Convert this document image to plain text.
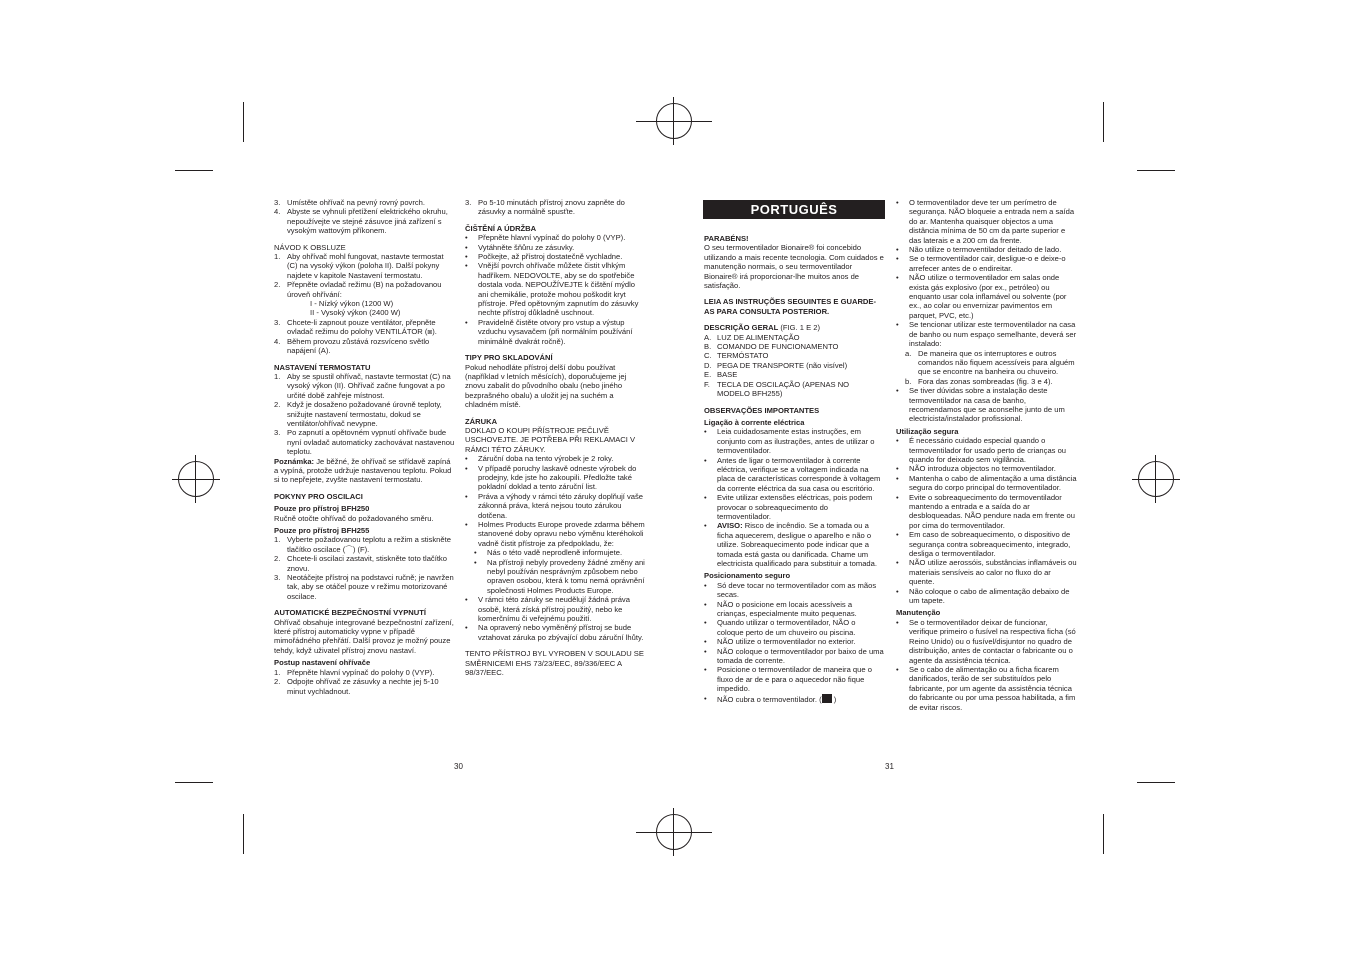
3. Umístěte ohřívač na pevný rovný povrch.
4. Abyste se vyhnuli přetížení elektrického okruhu, nepoužívejte ve stejné zásuvce jiná zařízení s vysokým wattovým příkonem.

NÁVOD K OBSLUZE

1. Aby ohřívač mohl fungovat, nastavte termostat (C) na vysoký výkon (poloha II). Další pokyny najdete v kapitole Nastavení termostatu.
2. Přepněte ovladač režimu (B) na požadovanou úroveň ohřívání:

I - Nízký výkon (1200 W)

II - Vysoký výkon (2400 W)

3. Chcete-li zapnout pouze ventilátor, přepněte ovladač režimu do polohy VENTILÁTOR (⧈).
4. Během provozu zůstává rozsvíceno světlo napájení (A).

NASTAVENÍ TERMOSTATU

1. Aby se spustil ohřívač, nastavte termostat (C) na vysoký výkon (II). Ohřívač začne fungovat a po určité době zahřeje místnost.
2. Když je dosaženo požadované úrovně teploty, snižujte nastavení termostatu, dokud se ventilátor/ohřívač nevypne.
3. Po zapnutí a opětovném vypnutí ohřívače bude nyní ovladač automaticky zachovávat nastavenou teplotu.

Poznámka: Je běžné, že ohřívač se střídavě zapíná a vypíná, protože udržuje nastavenou teplotu. Pokud si to nepřejete, zvyšte nastavení termostatu.

POKYNY PRO OSCILACI

Pouze pro přístroj BFH250

Ručně otočte ohřívač do požadovaného směru.

Pouze pro přístroj BFH255

1. Vyberte požadovanou teplotu a režim a stiskněte tlačítko oscilace (⌒) (F).
2. Chcete-li oscilaci zastavit, stiskněte toto tlačítko znovu.
3. Neotáčejte přístroj na podstavci ručně; je navržen tak, aby se otáčel pouze v režimu motorizované oscilace.

AUTOMATICKÉ BEZPEČNOSTNÍ VYPNUTÍ

Ohřívač obsahuje integrované bezpečnostní zařízení, které přístroj automaticky vypne v případě mimořádného přehřátí. Další provoz je možný pouze tehdy, když uživatel přístroj znovu nastaví.

Postup nastavení ohřívače

1. Přepněte hlavní vypínač do polohy 0 (VYP).
2. Odpojte ohřívač ze zásuvky a nechte jej 5-10 minut vychladnout.
3. Po 5-10 minutách přístroj znovu zapněte do zásuvky a normálně spusťte.

ČIŠTĚNÍ A ÚDRŽBA

•	Přepněte hlavní vypínač do polohy 0 (VYP).
•	Vytáhněte šňůru ze zásuvky.
•	Počkejte, až přístroj dostatečně vychladne.
•	Vnější povrch ohřívače můžete čistit vlhkým hadříkem. NEDOVOLTE, aby se do spotřebiče dostala voda. NEPOUŽÍVEJTE k čištění mýdlo ani chemikálie, protože mohou poškodit kryt přístroje. Před opětovným zapnutím do zásuvky nechte přístroj důkladně uschnout.
•	Pravidelně čistěte otvory pro vstup a výstup vzduchu vysavačem (při normálním používání minimálně dvakrát ročně).

TIPY PRO SKLADOVÁNÍ

Pokud nehodláte přístroj delší dobu používat (například v letních měsících), doporučujeme jej znovu zabalit do původního obalu (nebo jiného bezprašného obalu) a uložit jej na suchém a chladném místě.

ZÁRUKA

DOKLAD O KOUPI PŘÍSTROJE PEČLIVĚ USCHOVEJTE. JE POTŘEBA PŘI REKLAMACI V RÁMCI TÉTO ZÁRUKY.

•	Záruční doba na tento výrobek je 2 roky.
•	V případě poruchy laskavě odneste výrobek do prodejny, kde jste ho zakoupili. Předložte také pokladní doklad a tento záruční list.
•	Práva a výhody v rámci této záruky doplňují vaše zákonná práva, která nejsou touto zárukou dotčena.
•	Holmes Products Europe provede zdarma během stanovené doby opravu nebo výměnu kteréhokoli vadně čistit přístroje za předpokladu, že:
•	Nás o této vadě neprodleně informujete.
•	Na přístroji nebyly provedeny žádné změny ani nebyl používán nesprávným způsobem nebo opraven osobou, která k tomu nemá oprávnění společnosti Holmes Products Europe.
•	V rámci této záruky se neudělují žádná práva osobě, která získá přístroj použitý, nebo ke komerčnímu či veřejnému použití.
•	Na opravený nebo vyměněný přístroj se bude vztahovat záruka po zbývající dobu záruční lhůty.

TENTO PŘÍSTROJ BYL VYROBEN V SOULADU SE SMĚRNICEMI EHS 73/23/EEC, 89/336/EEC A 98/37/EEC.

30
PORTUGUÊS

PARABÉNS!

O seu termoventilador Bionaire® foi concebido utilizando a mais recente tecnologia. Com cuidados e manutenção normais, o seu termoventilador Bionaire® irá proporcionar-lhe muitos anos de satisfação.

LEIA AS INSTRUÇÕES SEGUINTES E GUARDE-AS PARA CONSULTA POSTERIOR.

DESCRIÇÃO GERAL (FIG. 1 E 2)

A. LUZ DE ALIMENTAÇÃO
B. COMANDO DE FUNCIONAMENTO
C. TERMÓSTATO
D. PEGA DE TRANSPORTE (não visível)
E. BASE
F. TECLA DE OSCILAÇÃO (APENAS NO MODELO BFH255)

OBSERVAÇÕES IMPORTANTES

Ligação à corrente eléctrica

•	Leia cuidadosamente estas instruções, em conjunto com as ilustrações, antes de utilizar o termoventilador.
•	Antes de ligar o termoventilador à corrente eléctrica, verifique se a voltagem indicada na placa de características corresponde à voltagem da corrente eléctrica da sua casa ou escritório.
•	Evite utilizar extensões eléctricas, pois podem provocar o sobreaquecimento do termoventilador.
•	AVISO: Risco de incêndio. Se a tomada ou a ficha aquecerem, desligue o aparelho e não o utilize. Sobreaquecimento pode indicar que a tomada está gasta ou danificada. Chame um electricista qualificado para substituir a tomada.

Posicionamento seguro

•	Só deve tocar no termoventilador com as mãos secas.
•	NÃO o posicione em locais acessíveis a crianças, especialmente muito pequenas.
•	Quando utilizar o termoventilador, NÃO o coloque perto de um chuveiro ou piscina.
•	NÃO utilize o termoventilador no exterior.
•	NÃO coloque o termoventilador por baixo de uma tomada de corrente.
•	Posicione o termoventilador de maneira que o fluxo de ar de e para o aquecedor não fique impedido.
•	NÃO cubra o termoventilador. ( )
•	O termoventilador deve ter um perímetro de segurança. NÃO bloqueie a entrada nem a saída do ar. Mantenha quaisquer objectos a uma distância mínima de 50 cm da parte superior e das laterais e a 200 cm da frente.
•	Não utilize o termoventilador deitado de lado.
•	Se o termoventilador cair, desligue-o e deixe-o arrefecer antes de o endireitar.
•	NÃO utilize o termoventilador em salas onde exista gás explosivo (por ex., petróleo) ou enquanto usar cola inflamável ou solvente (por ex., ao colar ou envernizar pavimentos em parquet, PVC, etc.)
•	Se tencionar utilizar este termoventilador na casa de banho ou num espaço semelhante, deverá ser instalado:
a. De maneira que os interruptores e outros comandos não fiquem acessíveis para alguém que se encontre na banheira ou chuveiro.
b. Fora das zonas sombreadas (fig. 3 e 4).
•	Se tiver dúvidas sobre a instalação deste termoventilador na casa de banho, recomendamos que se aconselhe junto de um electricista/instalador profissional.

Utilização segura

•	É necessário cuidado especial quando o termoventilador for usado perto de crianças ou quando for deixado sem vigilância.
•	NÃO introduza objectos no termoventilador.
•	Mantenha o cabo de alimentação a uma distância segura do corpo principal do termoventilador.
•	Evite o sobreaquecimento do termoventilador mantendo a entrada e a saída do ar desbloqueadas. NÃO pendure nada em frente ou por cima do termoventilador.
•	Em caso de sobreaquecimento, o dispositivo de segurança contra sobreaquecimento, integrado, desliga o termoventilador.
•	NÃO utilize aerossóis, substâncias inflamáveis ou materiais sensíveis ao calor no fluxo do ar quente.
•	Não coloque o cabo de alimentação debaixo de um tapete.

Manutenção

•	Se o termoventilador deixar de funcionar, verifique primeiro o fusível na respectiva ficha (só Reino Unido) ou o fusível/disjuntor no quadro de distribuição, antes de contactar o fabricante ou o agente da assistência técnica.
•	Se o cabo de alimentação ou a ficha ficarem danificados, terão de ser substituídos pelo fabricante, por um agente da assistência técnica do fabricante ou por uma pessoa habilitada, a fim de evitar riscos.
31
